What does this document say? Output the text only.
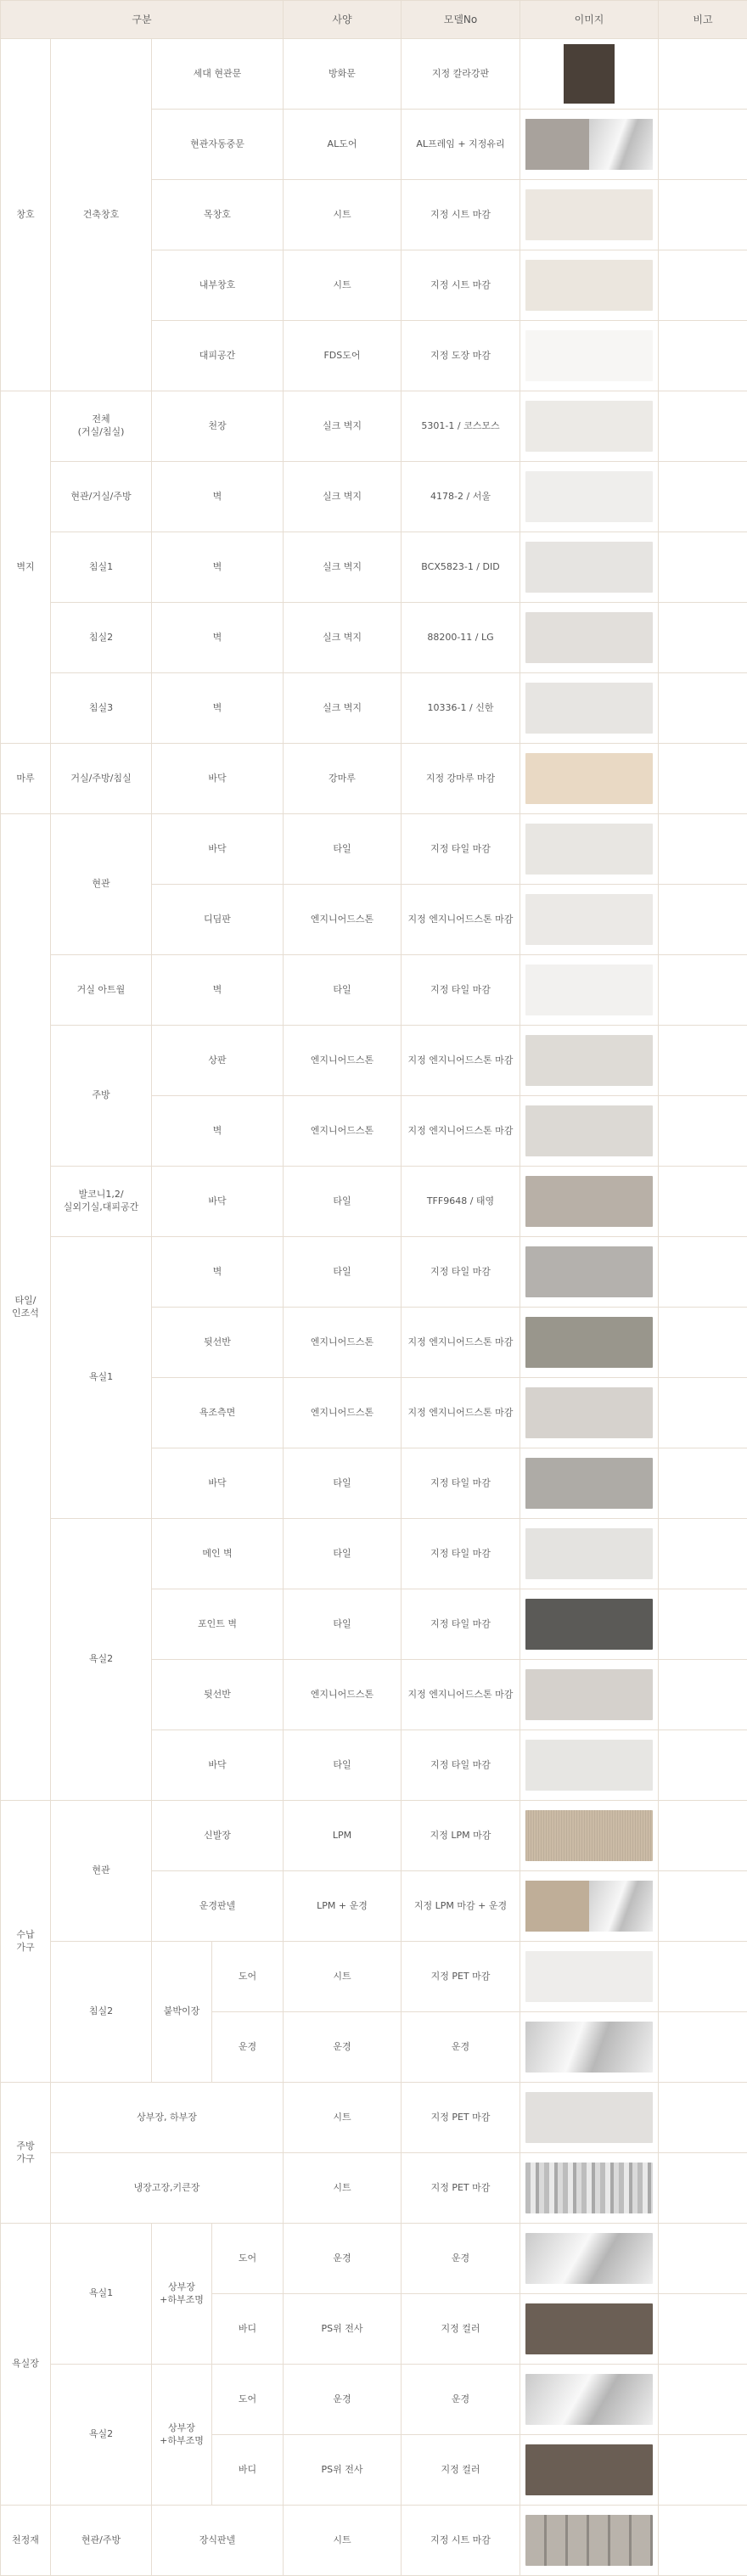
구분				사양	모델No	이미지	비고
창호	건축창호	세대 현관문		방화문	지정 칼라강판	

		현관자동중문		AL도어	AL프레임 + 지정유리	

		목창호		시트	지정 시트 마감	

		내부창호		시트	지정 시트 마감	

		대피공간		FDS도어	지정 도장 마감	

벽지	전체
(거실/침실)	천장		실크 벽지	5301-1 / 코스모스	

	현관/거실/주방	벽		실크 벽지	4178-2 / 서울	

	침실1	벽		실크 벽지	BCX5823-1 / DID	

	침실2	벽		실크 벽지	88200-11 / LG	

	침실3	벽		실크 벽지	10336-1 / 신한	

마루	거실/주방/침실	바닥		강마루	지정 강마루 마감	

타일/
인조석	현관	바닥		타일	지정 타일 마감	

		디딤판		엔지니어드스톤	지정 엔지니어드스톤 마감	

	거실 아트월	벽		타일	지정 타일 마감	

	주방	상판		엔지니어드스톤	지정 엔지니어드스톤 마감	

		벽		엔지니어드스톤	지정 엔지니어드스톤 마감	

	발코니1,2/
실외기실,대피공간	바닥		타일	TFF9648 / 태영	

	욕실1	벽		타일	지정 타일 마감	

		뒷선반		엔지니어드스톤	지정 엔지니어드스톤 마감	

		욕조측면		엔지니어드스톤	지정 엔지니어드스톤 마감	

		바닥		타일	지정 타일 마감	

	욕실2	메인 벽		타일	지정 타일 마감	

		포인트 벽		타일	지정 타일 마감	

		뒷선반		엔지니어드스톤	지정 엔지니어드스톤 마감	

		바닥		타일	지정 타일 마감	

수납
가구	현관	신발장		LPM	지정 LPM 마감	

		운경판넬		LPM + 운경	지정 LPM 마감 + 운경	

	침실2	붙박이장	도어	시트	지정 PET 마감	

			운경	운경	운경	

주방
가구	상부장, 하부장			시트	지정 PET 마감	

	냉장고장,키큰장			시트	지정 PET 마감	

욕실장	욕실1	상부장
+하부조명	도어	운경	운경	

			바디	PS위 전사	지정 컬러	

	욕실2	상부장
+하부조명	도어	운경	운경	

			바디	PS위 전사	지정 컬러	

천정재	현관/주방	장식판넬		시트	지정 시트 마감	
